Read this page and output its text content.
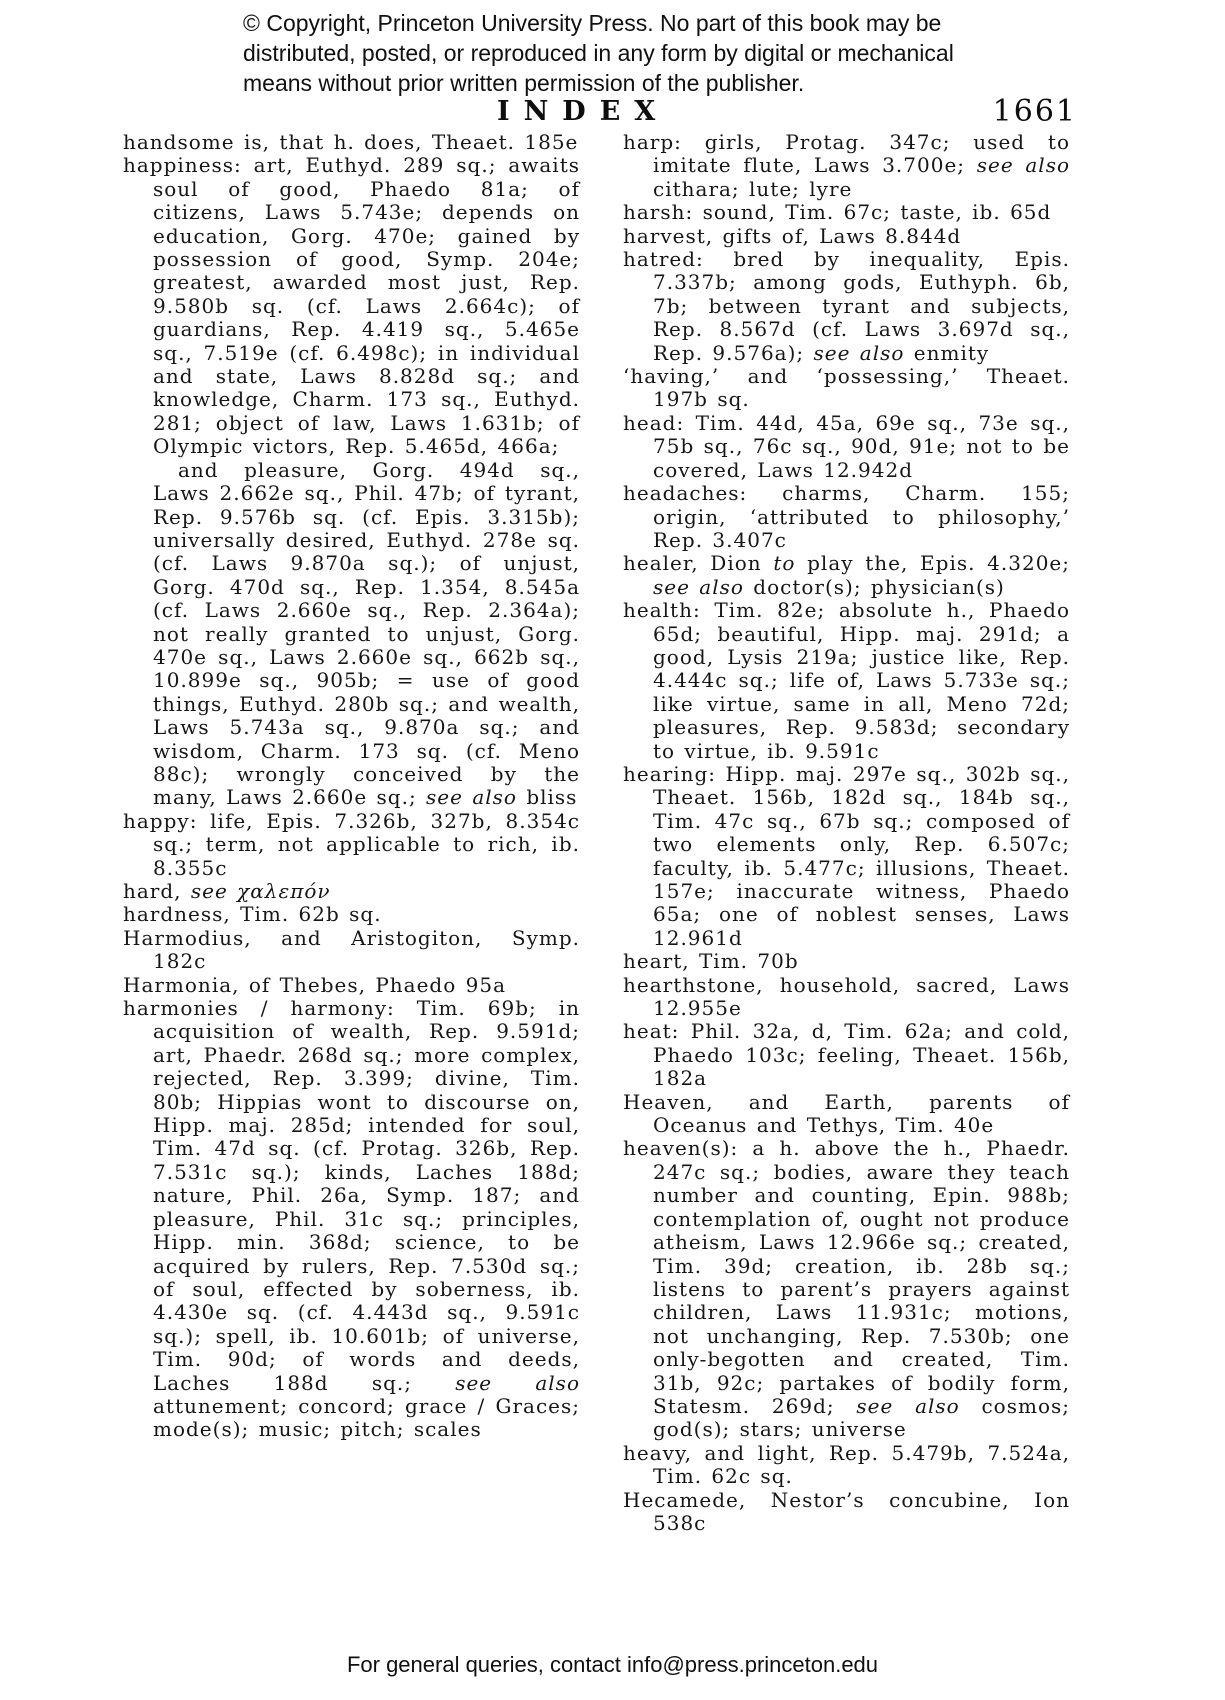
© Copyright, Princeton University Press. No part of this book may be
distributed, posted, or reproduced in any form by digital or mechanical
means without prior written permission of the publisher.
INDEX	1661

handsome is, that h. does, Theaet. 185e

happiness: art, Euthyd. 289 sq.; awaits soul of good, Phaedo 81a; of citizens, Laws 5.743e; depends on education, Gorg. 470e; gained by possession of good, Symp. 204e; greatest, awarded most just, Rep. 9.580b sq. (cf. Laws 2.664c); of guardians, Rep. 4.419 sq., 5.465e sq., 7.519e (cf. 6.498c); in individual and state, Laws 8.828d sq.; and knowledge, Charm. 173 sq., Euthyd. 281; object of law, Laws 1.631b; of Olympic victors, Rep. 5.465d, 466a;

and pleasure, Gorg. 494d sq., Laws 2.662e sq., Phil. 47b; of tyrant, Rep. 9.576b sq. (cf. Epis. 3.315b); universally desired, Euthyd. 278e sq. (cf. Laws 9.870a sq.); of unjust, Gorg. 470d sq., Rep. 1.354, 8.545a (cf. Laws 2.660e sq., Rep. 2.364a); not really granted to unjust, Gorg. 470e sq., Laws 2.660e sq., 662b sq., 10.899e sq., 905b; = use of good things, Euthyd. 280b sq.; and wealth, Laws 5.743a sq., 9.870a sq.; and wisdom, Charm. 173 sq. (cf. Meno 88c); wrongly conceived by the many, Laws 2.660e sq.; see also bliss

happy: life, Epis. 7.326b, 327b, 8.354c sq.; term, not applicable to rich, ib. 8.355c

hard, see χαλεπόν

hardness, Tim. 62b sq.

Harmodius, and Aristogiton, Symp. 182c

Harmonia, of Thebes, Phaedo 95a

harmonies / harmony: Tim. 69b; in acquisition of wealth, Rep. 9.591d; art, Phaedr. 268d sq.; more complex, rejected, Rep. 3.399; divine, Tim. 80b; Hippias wont to discourse on, Hipp. maj. 285d; intended for soul, Tim. 47d sq. (cf. Protag. 326b, Rep. 7.531c sq.); kinds, Laches 188d; nature, Phil. 26a, Symp. 187; and pleasure, Phil. 31c sq.; principles, Hipp. min. 368d; science, to be acquired by rulers, Rep. 7.530d sq.; of soul, effected by soberness, ib. 4.430e sq. (cf. 4.443d sq., 9.591c sq.); spell, ib. 10.601b; of universe, Tim. 90d; of words and deeds, Laches 188d sq.; see also attunement; concord; grace / Graces; mode(s); music; pitch; scales

harp: girls, Protag. 347c; used to imitate flute, Laws 3.700e; see also cithara; lute; lyre

harsh: sound, Tim. 67c; taste, ib. 65d

harvest, gifts of, Laws 8.844d

hatred: bred by inequality, Epis. 7.337b; among gods, Euthyph. 6b, 7b; between tyrant and subjects, Rep. 8.567d (cf. Laws 3.697d sq., Rep. 9.576a); see also enmity

‘having,’ and ‘possessing,’ Theaet. 197b sq.

head: Tim. 44d, 45a, 69e sq., 73e sq., 75b sq., 76c sq., 90d, 91e; not to be covered, Laws 12.942d

headaches: charms, Charm. 155; origin, ‘attributed to philosophy,’ Rep. 3.407c

healer, Dion to play the, Epis. 4.320e; see also doctor(s); physician(s)

health: Tim. 82e; absolute h., Phaedo 65d; beautiful, Hipp. maj. 291d; a good, Lysis 219a; justice like, Rep. 4.444c sq.; life of, Laws 5.733e sq.; like virtue, same in all, Meno 72d; pleasures, Rep. 9.583d; secondary to virtue, ib. 9.591c

hearing: Hipp. maj. 297e sq., 302b sq., Theaet. 156b, 182d sq., 184b sq., Tim. 47c sq., 67b sq.; composed of two elements only, Rep. 6.507c; faculty, ib. 5.477c; illusions, Theaet. 157e; inaccurate witness, Phaedo 65a; one of noblest senses, Laws 12.961d

heart, Tim. 70b

hearthstone, household, sacred, Laws 12.955e

heat: Phil. 32a, d, Tim. 62a; and cold, Phaedo 103c; feeling, Theaet. 156b, 182a

Heaven, and Earth, parents of Oceanus and Tethys, Tim. 40e

heaven(s): a h. above the h., Phaedr. 247c sq.; bodies, aware they teach number and counting, Epin. 988b; contemplation of, ought not produce atheism, Laws 12.966e sq.; created, Tim. 39d; creation, ib. 28b sq.; listens to parent’s prayers against children, Laws 11.931c; motions, not unchanging, Rep. 7.530b; one only-begotten and created, Tim. 31b, 92c; partakes of bodily form, Statesm. 269d; see also cosmos; god(s); stars; universe

heavy, and light, Rep. 5.479b, 7.524a, Tim. 62c sq.

Hecamede, Nestor’s concubine, Ion 538c

For general queries, contact info@press.princeton.edu
